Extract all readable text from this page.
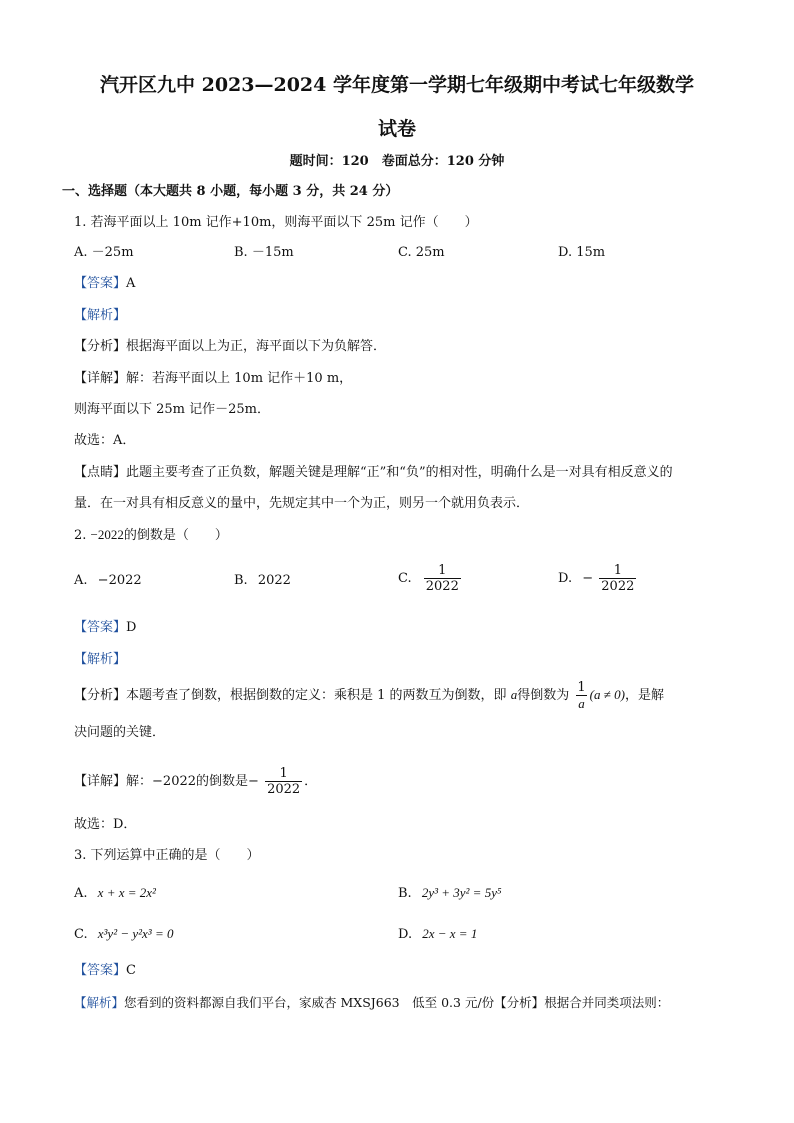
汽开区九中 2023—2024 学年度第一学期七年级期中考试七年级数学
试卷
题时间：120　卷面总分：120 分钟
一、选择题（本大题共 8 小题，每小题 3 分，共 24 分）
1. 若海平面以上 10m 记作+10m，则海平面以下 25m 记作（　　）
A. －25m	B. －15m	C. 25m	D. 15m
【答案】A
【解析】
【分析】根据海平面以上为正，海平面以下为负解答．
【详解】解：若海平面以上 10m 记作＋10 m，
则海平面以下 25m 记作－25m．
故选：A．
【点睛】此题主要考查了正负数，解题关键是理解“正”和“负”的相对性，明确什么是一对具有相反意义的
量．在一对具有相反意义的量中，先规定其中一个为正，则另一个就用负表示．
2. −2022的倒数是（　　）
A. −2022	B. 2022	C. $\frac{1}{2022}$	D. − $\frac{1}{2022}$
【答案】D
【解析】
【分析】本题考查了倒数，根据倒数的定义：乘积是 1 的两数互为倒数，即 a得倒数为 $\frac{1}{a} (a \ne 0)$，是解
决问题的关键．
【详解】解：−2022的倒数是− $\frac{1}{2022}$ ．
故选：D．
3. 下列运算中正确的是（　　）
A. x + x = 2x²	B. 2y³ + 3y² = 5y⁵
C. x³y² − y²x³ = 0	D. 2x − x = 1
【答案】C
【解析】您看到的资料都源自我们平台，家威杏 MXSJ663　低至 0.3 元/份【分析】根据合并同类项法则：
